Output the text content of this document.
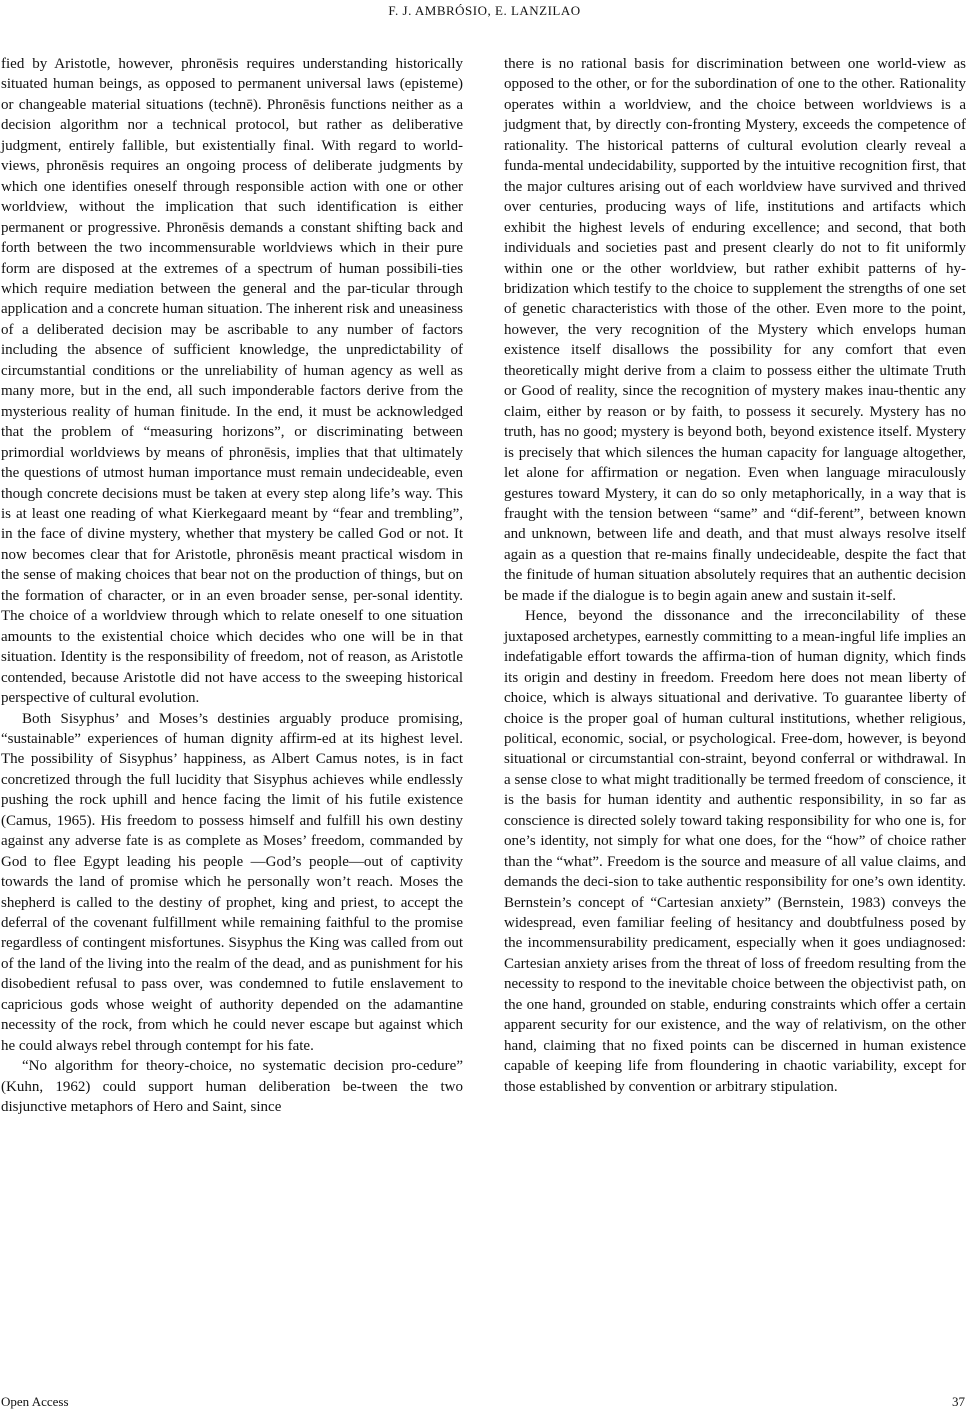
F. J. AMBRÓSIO, E. LANZILAO

fied by Aristotle, however, phronēsis requires understanding historically situated human beings, as opposed to permanent universal laws (episteme) or changeable material situations (technē). Phronēsis functions neither as a decision algorithm nor a technical protocol, but rather as deliberative judgment, entirely fallible, but existentially final. With regard to world-views, phronēsis requires an ongoing process of deliberate judgments by which one identifies oneself through responsible action with one or other worldview, without the implication that such identification is either permanent or progressive. Phronēsis demands a constant shifting back and forth between the two incommensurable worldviews which in their pure form are disposed at the extremes of a spectrum of human possibili-ties which require mediation between the general and the par-ticular through application and a concrete human situation. The inherent risk and uneasiness of a deliberated decision may be ascribable to any number of factors including the absence of sufficient knowledge, the unpredictability of circumstantial conditions or the unreliability of human agency as well as many more, but in the end, all such imponderable factors derive from the mysterious reality of human finitude. In the end, it must be acknowledged that the problem of “measuring horizons”, or discriminating between primordial worldviews by means of phronēsis, implies that that ultimately the questions of utmost human importance must remain undecideable, even though concrete decisions must be taken at every step along life’s way. This is at least one reading of what Kierkegaard meant by “fear and trembling”, in the face of divine mystery, whether that mystery be called God or not. It now becomes clear that for Aristotle, phronēsis meant practical wisdom in the sense of making choices that bear not on the production of things, but on the formation of character, or in an even broader sense, per-sonal identity. The choice of a worldview through which to relate oneself to one situation amounts to the existential choice which decides who one will be in that situation. Identity is the responsibility of freedom, not of reason, as Aristotle contended, because Aristotle did not have access to the sweeping historical perspective of cultural evolution.

Both Sisyphus’ and Moses’s destinies arguably produce promising, “sustainable” experiences of human dignity affirm-ed at its highest level. The possibility of Sisyphus’ happiness, as Albert Camus notes, is in fact concretized through the full lucidity that Sisyphus achieves while endlessly pushing the rock uphill and hence facing the limit of his futile existence (Camus, 1965). His freedom to possess himself and fulfill his own destiny against any adverse fate is as complete as Moses’ freedom, commanded by God to flee Egypt leading his people —God’s people—out of captivity towards the land of promise which he personally won’t reach. Moses the shepherd is called to the destiny of prophet, king and priest, to accept the deferral of the covenant fulfillment while remaining faithful to the promise regardless of contingent misfortunes. Sisyphus the King was called from out of the land of the living into the realm of the dead, and as punishment for his disobedient refusal to pass over, was condemned to futile enslavement to capricious gods whose weight of authority depended on the adamantine necessity of the rock, from which he could never escape but against which he could always rebel through contempt for his fate.

“No algorithm for theory-choice, no systematic decision pro-cedure” (Kuhn, 1962) could support human deliberation be-tween the two disjunctive metaphors of Hero and Saint, since

there is no rational basis for discrimination between one world-view as opposed to the other, or for the subordination of one to the other. Rationality operates within a worldview, and the choice between worldviews is a judgment that, by directly con-fronting Mystery, exceeds the competence of rationality. The historical patterns of cultural evolution clearly reveal a funda-mental undecidability, supported by the intuitive recognition first, that the major cultures arising out of each worldview have survived and thrived over centuries, producing ways of life, institutions and artifacts which exhibit the highest levels of enduring excellence; and second, that both individuals and societies past and present clearly do not to fit uniformly within one or the other worldview, but rather exhibit patterns of hy-bridization which testify to the choice to supplement the strengths of one set of genetic characteristics with those of the other. Even more to the point, however, the very recognition of the Mystery which envelops human existence itself disallows the possibility for any comfort that even theoretically might derive from a claim to possess either the ultimate Truth or Good of reality, since the recognition of mystery makes inau-thentic any claim, either by reason or by faith, to possess it securely. Mystery has no truth, has no good; mystery is beyond both, beyond existence itself. Mystery is precisely that which silences the human capacity for language altogether, let alone for affirmation or negation. Even when language miraculously gestures toward Mystery, it can do so only metaphorically, in a way that is fraught with the tension between “same” and “dif-ferent”, between known and unknown, between life and death, and that must always resolve itself again as a question that re-mains finally undecideable, despite the fact that the finitude of human situation absolutely requires that an authentic decision be made if the dialogue is to begin again anew and sustain it-self.

Hence, beyond the dissonance and the irreconcilability of these juxtaposed archetypes, earnestly committing to a mean-ingful life implies an indefatigable effort towards the affirma-tion of human dignity, which finds its origin and destiny in freedom. Freedom here does not mean liberty of choice, which is always situational and derivative. To guarantee liberty of choice is the proper goal of human cultural institutions, whether religious, political, economic, social, or psychological. Free-dom, however, is beyond situational or circumstantial con-straint, beyond conferral or withdrawal. In a sense close to what might traditionally be termed freedom of conscience, it is the basis for human identity and authentic responsibility, in so far as conscience is directed solely toward taking responsibility for who one is, for one’s identity, not simply for what one does, for the “how” of choice rather than the “what”. Freedom is the source and measure of all value claims, and demands the deci-sion to take authentic responsibility for one’s own identity. Bernstein’s concept of “Cartesian anxiety” (Bernstein, 1983) conveys the widespread, even familiar feeling of hesitancy and doubtfulness posed by the incommensurability predicament, especially when it goes undiagnosed: Cartesian anxiety arises from the threat of loss of freedom resulting from the necessity to respond to the inevitable choice between the objectivist path, on the one hand, grounded on stable, enduring constraints which offer a certain apparent security for our existence, and the way of relativism, on the other hand, claiming that no fixed points can be discerned in human existence capable of keeping life from floundering in chaotic variability, except for those established by convention or arbitrary stipulation.

Open Access	37
